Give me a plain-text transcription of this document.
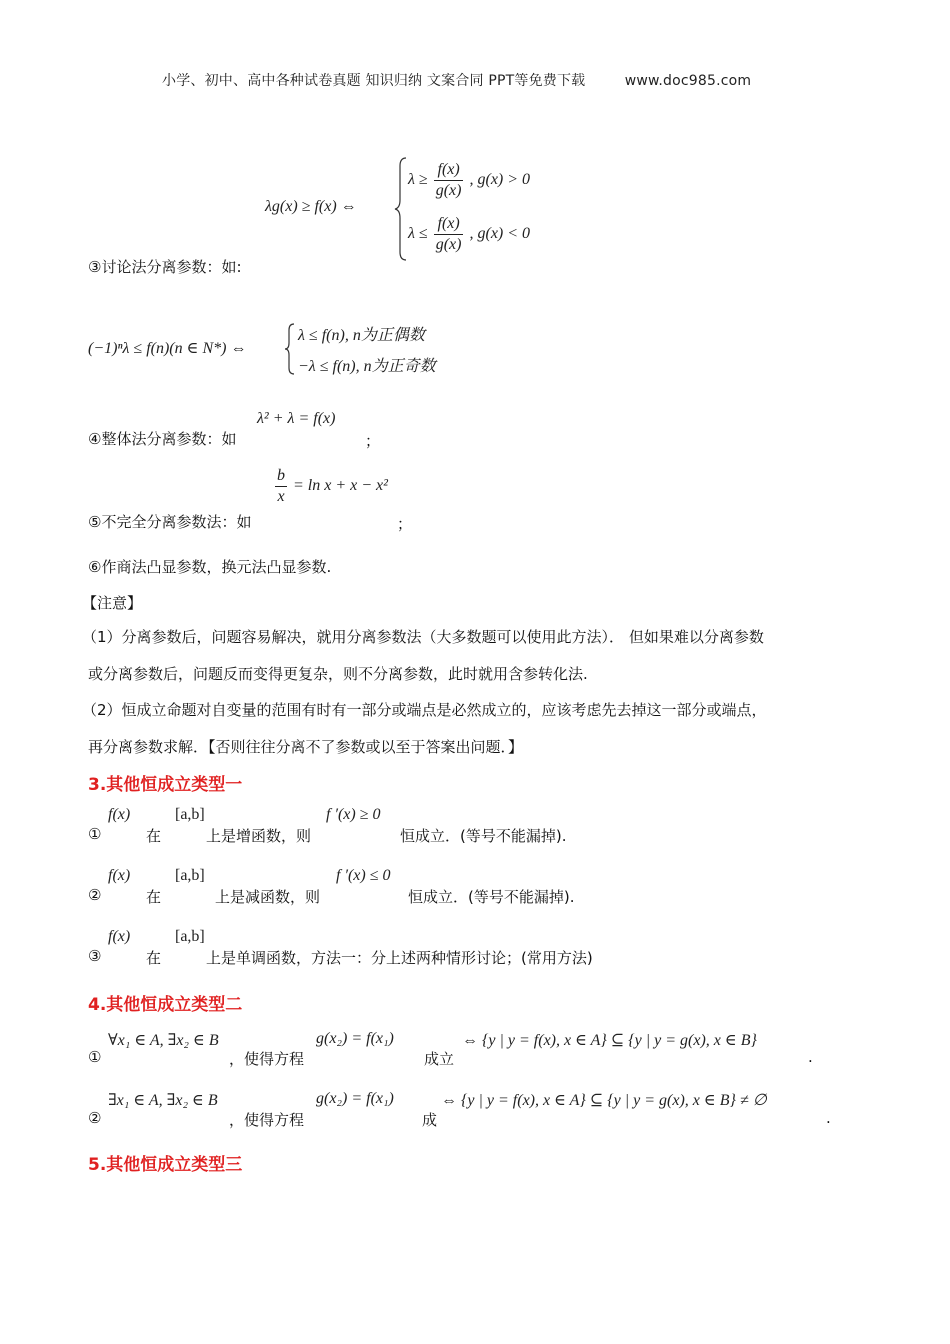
小学、初中、高中各种试卷真题 知识归纳 文案合同 PPT等免费下载	www.doc985.com
λg(x) ≥ f(x) ⇔
$\lambda \ge \frac{f(x)}{g(x)}$ , g(x) > 0
$\lambda \le \frac{f(x)}{g(x)}$ , g(x) < 0
③讨论法分离参数：如:
(−1)ⁿλ ≤ f(n)(n ∈ N*) ⇔
λ ≤ f(n), n为正偶数
−λ ≤ f(n), n为正奇数
λ² + λ = f(x)
④整体法分离参数：如	；
$\frac{b}{x} = \ln x + x - x^2$
⑤不完全分离参数法：如	；
⑥作商法凸显参数，换元法凸显参数.
【注意】
（1）分离参数后，问题容易解决，就用分离参数法（大多数题可以使用此方法）． 但如果难以分离参数
或分离参数后，问题反而变得更复杂，则不分离参数，此时就用含参转化法.
（2）恒成立命题对自变量的范围有时有一部分或端点是必然成立的，应该考虑先去掉这一部分或端点，
再分离参数求解．【否则往往分离不了参数或以至于答案出问题．】
3.其他恒成立类型一
f(x)	[a,b]	f ′(x) ≥ 0
①	在	上是增函数，则	恒成立．(等号不能漏掉).
f(x)	[a,b]	f ′(x) ≤ 0
②	在	上是减函数，则	恒成立．(等号不能漏掉).
f(x)	[a,b]
③	在	上是单调函数，方法一：分上述两种情形讨论；(常用方法)
4.其他恒成立类型二
∀x₁ ∈ A, ∃x₂ ∈ B	g(x₂) = f(x₁)	⇔ {y | y = f(x), x ∈ A} ⊆ {y | y = g(x), x ∈ B}
①	，使得方程	成立	.
∃x₁ ∈ A, ∃x₂ ∈ B	g(x₂) = f(x₁)	⇔ {y | y = f(x), x ∈ A} ⊆ {y | y = g(x), x ∈ B} ≠ ∅
②	，使得方程	成	.
5.其他恒成立类型三
